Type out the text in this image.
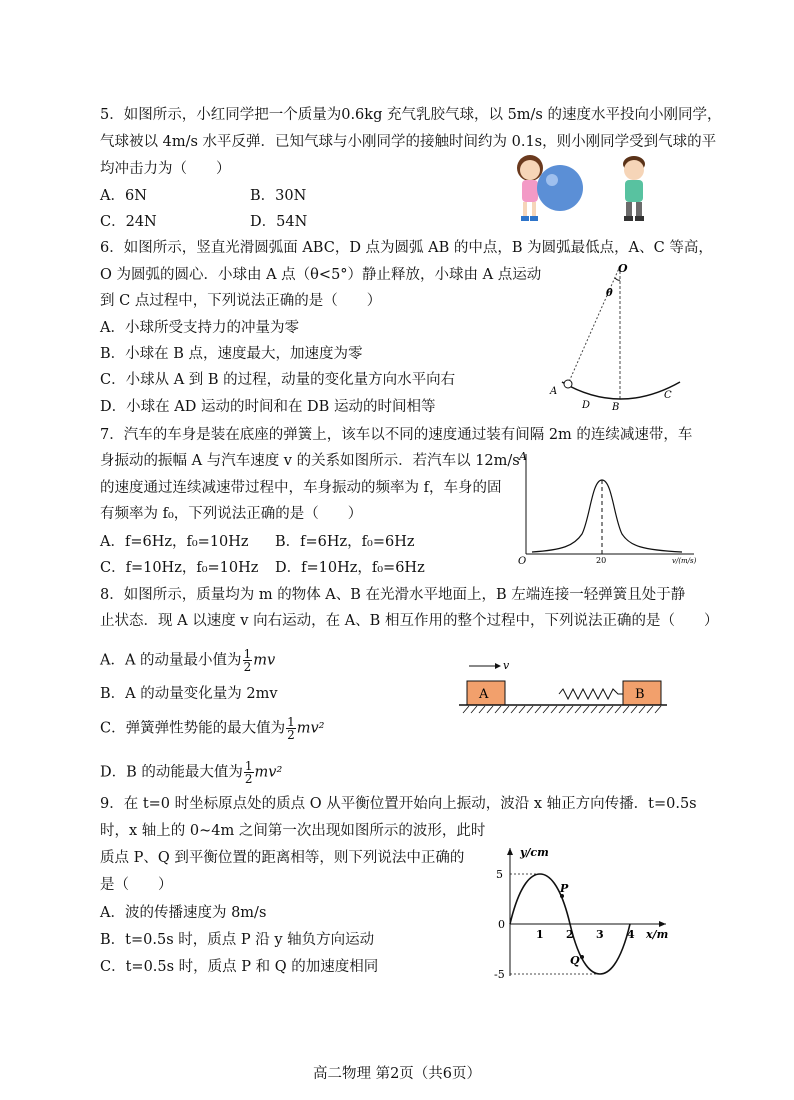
5．如图所示，小红同学把一个质量为0.6kg 充气乳胶气球，以 5m/s 的速度水平投向小刚同学，
气球被以 4m/s 水平反弹．已知气球与小刚同学的接触时间约为 0.1s，则小刚同学受到气球的平
均冲击力为（　　）
A．6N	B．30N
C．24N	D．54N
6．如图所示，竖直光滑圆弧面 ABC，D 点为圆弧 AB 的中点，B 为圆弧最低点，A、C 等高，
O 为圆弧的圆心．小球由 A 点（θ<5°）静止释放，小球由 A 点运动
到 C 点过程中，下列说法正确的是（　　）
A．小球所受支持力的冲量为零
B．小球在 B 点，速度最大，加速度为零
C．小球从 A 到 B 的过程，动量的变化量方向水平向右
D．小球在 AD 运动的时间和在 DB 运动的时间相等
O
θ
A
D B
C
7．汽车的车身是装在底座的弹簧上，该车以不同的速度通过装有间隔 2m 的连续减速带，车
身振动的振幅 A 与汽车速度 v 的关系如图所示．若汽车以 12m/s
的速度通过连续减速带过程中，车身振动的频率为 f，车身的固
有频率为 f₀，下列说法正确的是（　　）
A．f=6Hz，f₀=10Hz B．f=6Hz，f₀=6Hz
C．f=10Hz，f₀=10Hz D．f=10Hz，f₀=6Hz
A
O	20	v/(m/s)
8．如图所示，质量均为 m 的物体 A、B 在光滑水平地面上，B 左端连接一轻弹簧且处于静
止状态．现 A 以速度 v 向右运动，在 A、B 相互作用的整个过程中，下列说法正确的是（　　）
A．A 的动量最小值为 $\frac{1}{2}$ mv
B．A 的动量变化量为 2mv
C．弹簧弹性势能的最大值为 $\frac{1}{2} mv^2$
D．B 的动能最大值为 $\frac{1}{2} mv^2$
v
A	B
9．在 t=0 时坐标原点处的质点 O 从平衡位置开始向上振动，波沿 x 轴正方向传播．t=0.5s
时，x 轴上的 0~4m 之间第一次出现如图所示的波形，此时
质点 P、Q 到平衡位置的距离相等，则下列说法中正确的
是（　　）
A．波的传播速度为 8m/s
B．t=0.5s 时，质点 P 沿 y 轴负方向运动
C．t=0.5s 时，质点 P 和 Q 的加速度相同
y/cm
x/m
5
-5
0
1 2 3 4
P
Q
高二物理 第2页（共6页）
